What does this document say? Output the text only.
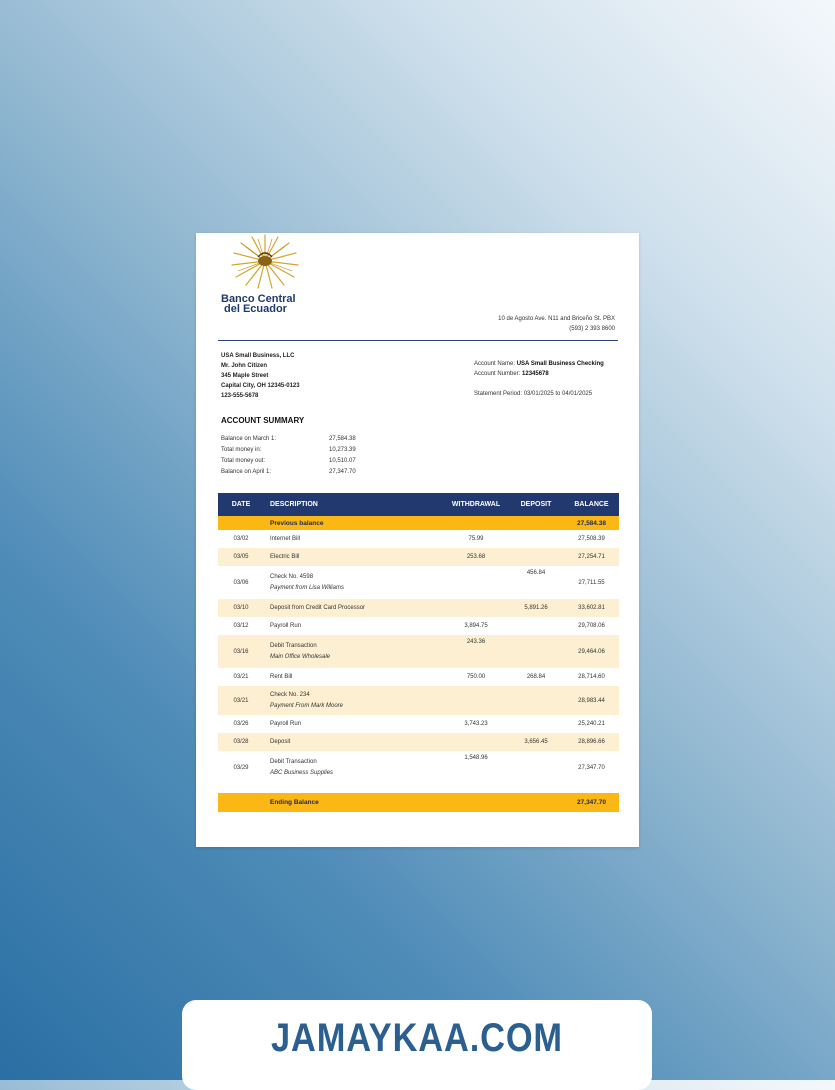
Banco Central
del Ecuador
10 de Agosto Ave. N11 and Briceño St. PBX
(593) 2 393 8600
USA Small Business, LLC
Mr. John Citizen
345 Maple Street
Capital City, OH 12345-0123
123-555-5678
Account Name: USA Small Business Checking
Account Number: 12345678
Statement Period: 03/01/2025 to 04/01/2025
ACCOUNT SUMMARY
Balance on March 1:	27,584.38
Total money in:	10,273.39
Total money out:	10,510.07
Balance on April 1:	27,347.70
DATE	DESCRIPTION	WITHDRAWAL	DEPOSIT	BALANCE
	Previous balance			27,584.38
03/02	Internet Bill	75.99		27,508.39
03/05	Electric Bill	253.68		27,254.71
03/06	Check No. 4598
Payment from Lisa Williams		456.84	27,711.55
03/10	Deposit from Credit Card Processor		5,891.26	33,602.81
03/12	Payroll Run	3,894.75		29,708.06
03/16	Debit Transaction
Main Office Wholesale	243.36		29,464.06
03/21	Rent Bill	750.00	268.84	28,714.60
03/21	Check No. 234
Payment From Mark Moore			28,983.44
03/26	Payroll Run	3,743.23		25,240.21
03/28	Deposit		3,656.45	28,896.66
03/29	Debit Transaction
ABC Business Supplies	1,548.96		27,347.70

	Ending Balance			27,347.70
JAMAYKAA.COM
